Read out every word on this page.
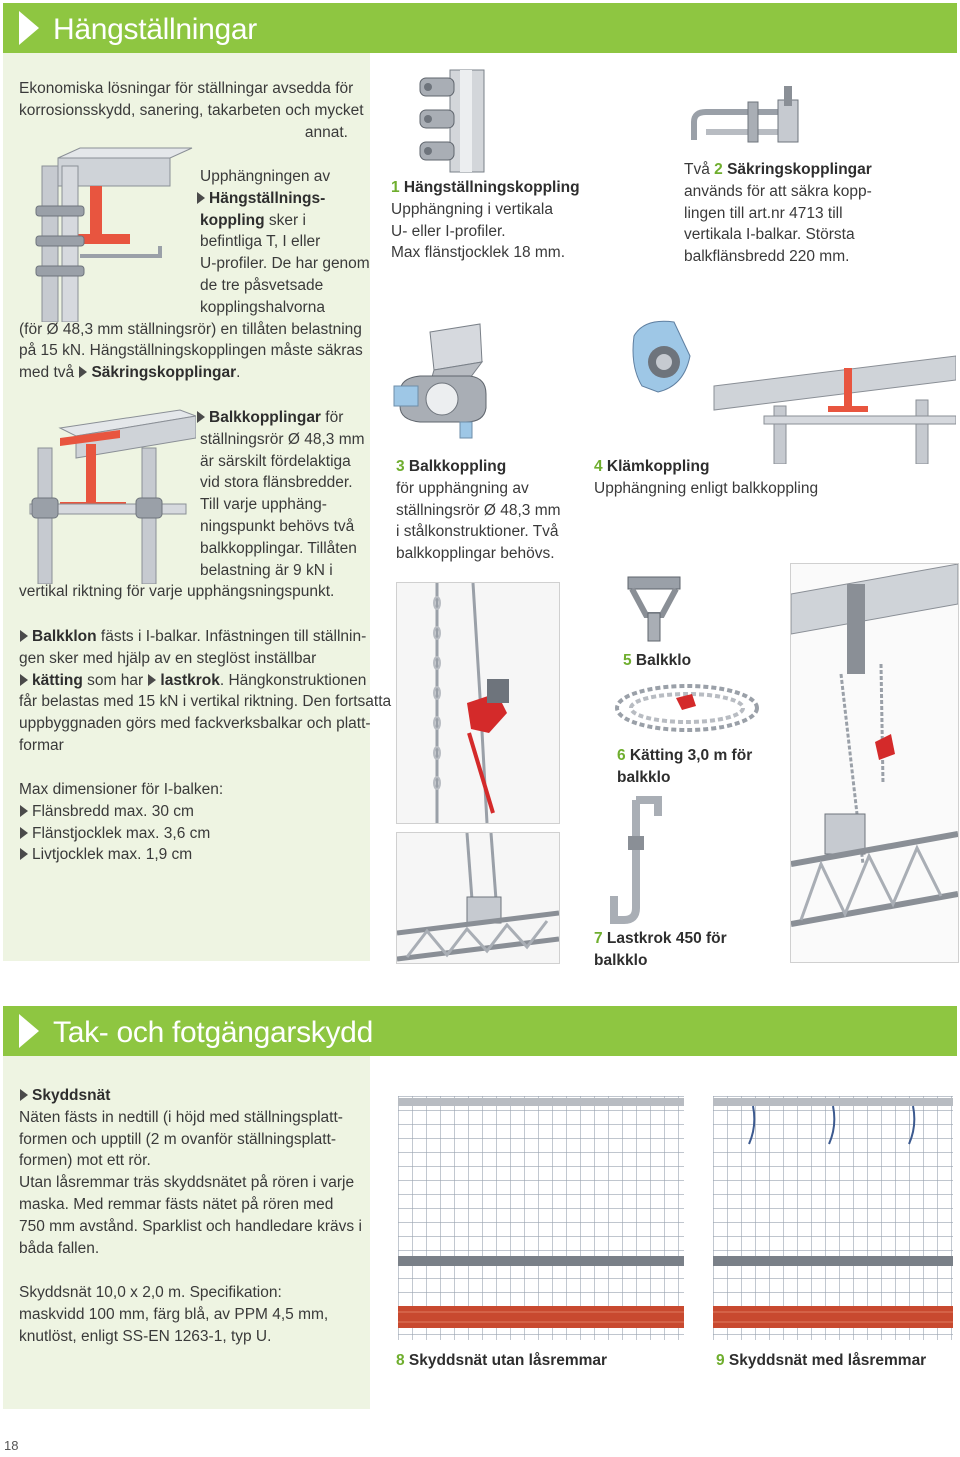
Hängställningar
Ekonomiska lösningar för ställningar avsedda för
korrosionsskydd, sanering, takarbeten och mycket
annat.
Upphängningen av
Hängställnings-
koppling sker i
befintliga T, I eller
U-profiler. De har genom
de tre påsvetsade
kopplingshalvorna
(för Ø 48,3 mm ställningsrör) en tillåten belastning
på 15 kN. Hängställningskopplingen måste säkras
med två Säkringskopplingar.
Balkkopplingar för
ställningsrör Ø 48,3 mm
är särskilt fördelaktiga
vid stora flänsbredder.
Till varje upphäng-
ningspunkt behövs två
balkkopplingar. Tillåten
belastning är 9 kN i
vertikal riktning för varje upphängsningspunkt.
Balkklon fästs i I-balkar. Infästningen till ställnin-
gen sker med hjälp av en steglöst inställbar
kätting som har lastkrok. Hängkonstruktionen
får belastas med 15 kN i vertikal riktning. Den fortsatta
uppbyggnaden görs med fackverksbalkar och platt-
formar
Max dimensioner för I-balken:
Flänsbredd max. 30 cm
Flänstjocklek max. 3,6 cm
Livtjocklek max. 1,9 cm
1 Hängställningskoppling
Upphängning i vertikala
U- eller I-profiler.
Max flänstjocklek 18 mm.
Två 2 Säkringskopplingar
används för att säkra kopp-
lingen till art.nr 4713 till
vertikala I-balkar. Största
balkflänsbredd 220 mm.
3 Balkkoppling
för upphängning av
ställningsrör Ø 48,3 mm
i stålkonstruktioner. Två
balkkopplingar behövs.
4 Klämkoppling
Upphängning enligt balkkoppling
5 Balkklo
6 Kätting 3,0 m för
balkklo
7 Lastkrok 450 för
balkklo
Tak- och fotgängarskydd
Skyddsnät
Näten fästs in nedtill (i höjd med ställningsplatt-
formen och upptill (2 m ovanför ställningsplatt-
formen) mot ett rör.
Utan låsremmar träs skyddsnätet på rören i varje
maska. Med remmar fästs nätet på rören med
750 mm avstånd. Sparklist och handledare krävs i
båda fallen.
Skyddsnät 10,0 x 2,0 m. Specifikation:
maskvidd 100 mm, färg blå, av PPM 4,5 mm,
knutlöst, enligt SS-EN 1263-1, typ U.
8 Skyddsnät utan låsremmar	9 Skyddsnät med låsremmar
18
